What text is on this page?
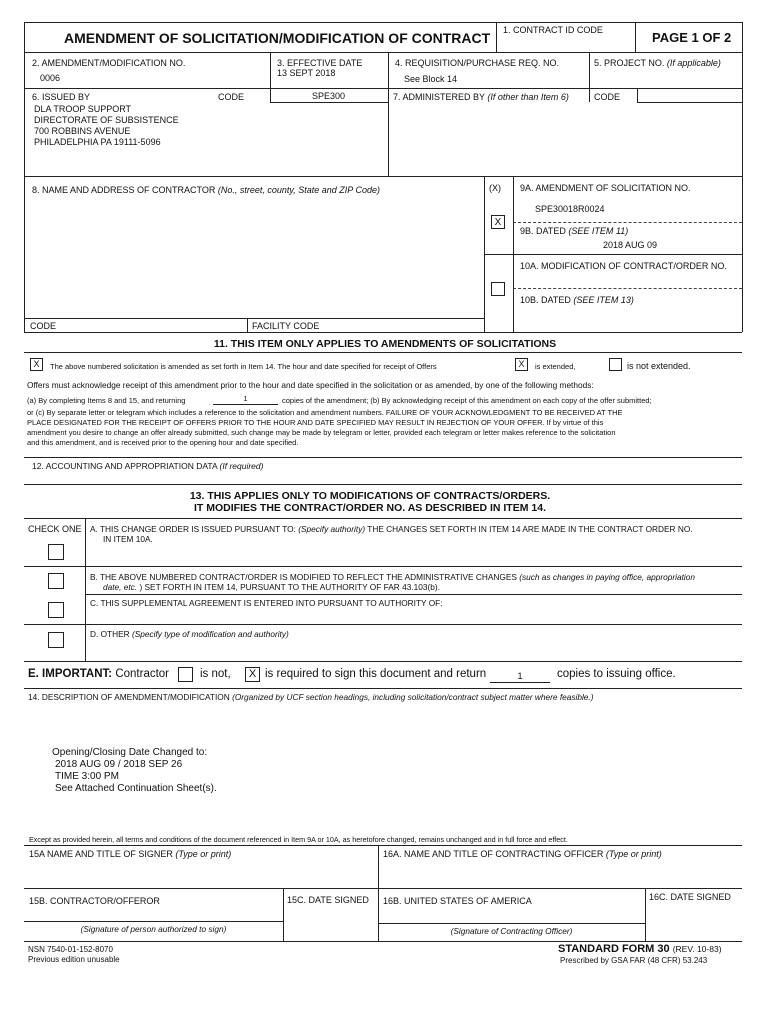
AMENDMENT OF SOLICITATION/MODIFICATION OF CONTRACT 1. CONTRACT ID CODE	PAGE 1 OF 2
2. AMENDMENT/MODIFICATION NO.
0006
3. EFFECTIVE DATE
13 SEPT 2018
4. REQUISITION/PURCHASE REQ. NO.
See Block 14
5. PROJECT NO. (If applicable)
6. ISSUED BY	CODE	SPE300
DLA TROOP SUPPORT
DIRECTORATE OF SUBSISTENCE
700 ROBBINS AVENUE
PHILADELPHIA PA 19111-5096
7. ADMINISTERED BY (If other than Item 6)	CODE
8. NAME AND ADDRESS OF CONTRACTOR (No., street, county, State and ZIP Code)	(X) 9A. AMENDMENT OF SOLICITATION NO.
SPE30018R0024
X
9B. DATED (SEE ITEM 11)
2018 AUG 09
10A. MODIFICATION OF CONTRACT/ORDER NO.
10B. DATED (SEE ITEM 13)
CODE	FACILITY CODE
11. THIS ITEM ONLY APPLIES TO AMENDMENTS OF SOLICITATIONS
X	The above numbered solicitation is amended as set forth in Item 14. The hour and date specified for receipt of Offers	X	is extended,	is not extended.
Offers must acknowledge receipt of this amendment prior to the hour and date specified in the solicitation or as amended, by one of the following methods:
(a) By completing Items 8 and 15, and returning	1	copies of the amendment; (b) By acknowledging receipt of this amendment on each copy of the offer submitted;
or (c) By separate letter or telegram which includes a reference to the solicitation and amendment numbers. FAILURE OF YOUR ACKNOWLEDGMENT TO BE RECEIVED AT THE
PLACE DESIGNATED FOR THE RECEIPT OF OFFERS PRIOR TO THE HOUR AND DATE SPECIFIED MAY RESULT IN REJECTION OF YOUR OFFER. If by virtue of this
amendment you desire to change an offer already submitted, such change may be made by telegram or letter, provided each telegram or letter makes reference to the solicitation
and this amendment, and is received prior to the opening hour and date specified.
12. ACCOUNTING AND APPROPRIATION DATA (If required)
13. THIS APPLIES ONLY TO MODIFICATIONS OF CONTRACTS/ORDERS.
IT MODIFIES THE CONTRACT/ORDER NO. AS DESCRIBED IN ITEM 14.
CHECK ONE A. THIS CHANGE ORDER IS ISSUED PURSUANT TO: (Specify authority) THE CHANGES SET FORTH IN ITEM 14 ARE MADE IN THE CONTRACT ORDER NO.
IN ITEM 10A.
B. THE ABOVE NUMBERED CONTRACT/ORDER IS MODIFIED TO REFLECT THE ADMINISTRATIVE CHANGES (such as changes in paying office, appropriation
date, etc. ) SET FORTH IN ITEM 14, PURSUANT TO THE AUTHORITY OF FAR 43.103(b).
C. THIS SUPPLEMENTAL AGREEMENT IS ENTERED INTO PURSUANT TO AUTHORITY OF:
D. OTHER (Specify type of modification and authority)
E. IMPORTANT: Contractor	is not,	X is required to sign this document and return	1	copies to issuing office.
14. DESCRIPTION OF AMENDMENT/MODIFICATION (Organized by UCF section headings, including solicitation/contract subject matter where feasible.)
Opening/Closing Date Changed to:
2018 AUG 09 / 2018 SEP 26
TIME 3:00 PM
See Attached Continuation Sheet(s).
Except as provided herein, all terms and conditions of the document referenced in Item 9A or 10A, as heretofore changed, remains unchanged and in full force and effect.
15A NAME AND TITLE OF SIGNER (Type or print)	16A. NAME AND TITLE OF CONTRACTING OFFICER (Type or print)
15B. CONTRACTOR/OFFEROR
(Signature of person authorized to sign)
15C. DATE SIGNED 16B. UNITED STATES OF AMERICA
(Signature of Contracting Officer)
16C. DATE SIGNED
NSN 7540-01-152-8070
Previous edition unusable
STANDARD FORM 30 (REV. 10-83)
Prescribed by GSA FAR (48 CFR) 53.243
